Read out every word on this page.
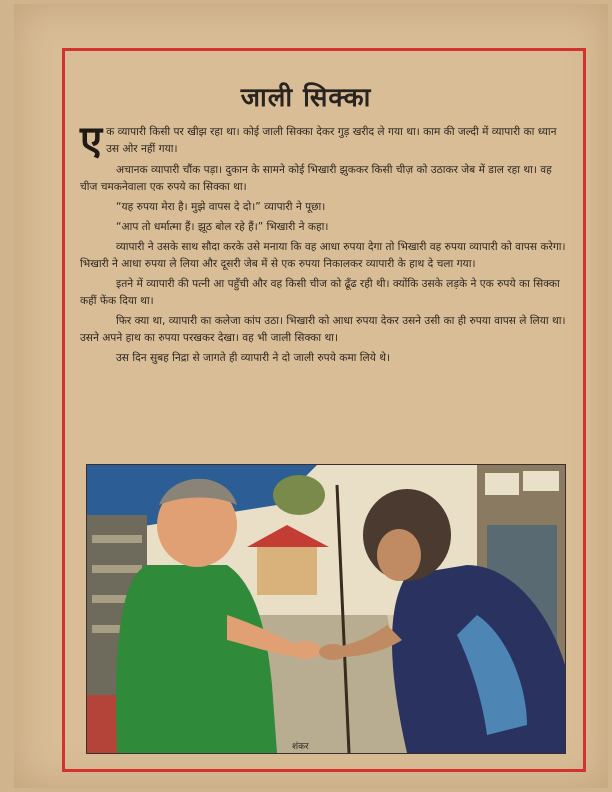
जाली सिक्का

एक व्यापारी किसी पर खीझ रहा था। कोई जाली सिक्का देकर गुड़ खरीद ले गया था। काम की जल्दी में व्यापारी का ध्यान उस ओर नहीं गया।

अचानक व्यापारी चौंक पड़ा। दुकान के सामने कोई भिखारी झुककर किसी चीज़ को उठाकर जेब में डाल रहा था। वह चीज चमकनेवाला एक रुपये का सिक्का था।

“यह रुपया मेरा है। मुझे वापस दे दो।” व्यापारी ने पूछा।

“आप तो धर्मात्मा हैं। झूठ बोल रहे हैं।” भिखारी ने कहा।

व्यापारी ने उसके साथ सौदा करके उसे मनाया कि वह आधा रुपया देगा तो भिखारी वह रुपया व्यापारी को वापस करेगा। भिखारी ने आधा रुपया ले लिया और दूसरी जेब में से एक रुपया निकालकर व्यापारी के हाथ दे चला गया।

इतने में व्यापारी की पत्नी आ पहुँची और वह किसी चीज को ढूँढ रही थी। क्योंकि उसके लड़के ने एक रुपये का सिक्का कहीं फेंक दिया था।

फिर क्या था, व्यापारी का कलेजा कांप उठा। भिखारी को आधा रुपया देकर उसने उसी का ही रुपया वापस ले लिया था। उसने अपने हाथ का रुपया परखकर देखा। वह भी जाली सिक्का था।

उस दिन सुबह निद्रा से जागते ही व्यापारी ने दो जाली रुपये कमा लिये थे।

शंकर
